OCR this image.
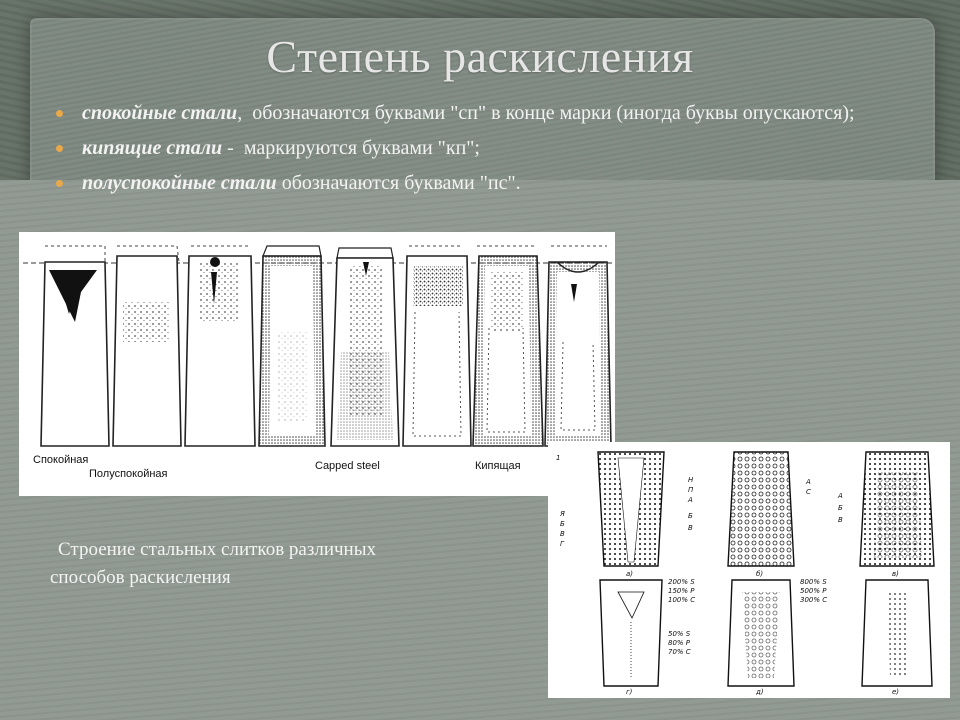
Степень раскисления
спокойные стали,  обозначаются буквами "сп" в конце марки (иногда буквы опускаются);
кипящие стали -  маркируются буквами "кп";
полуспокойные стали обозначаются буквами "пс".
Спокойная
Полуспокойная
Capped steel	Кипящая
Строение стальных слитков различных
способов раскисления
1
Я
Б
В
Г
Н
П
А
Б
В
А
С	А
Б
В
а)	б)	в)
г)	д)	е)
200% S
150% P
100% C
50% S
80% P
70% C
800% S
500% P
300% C
